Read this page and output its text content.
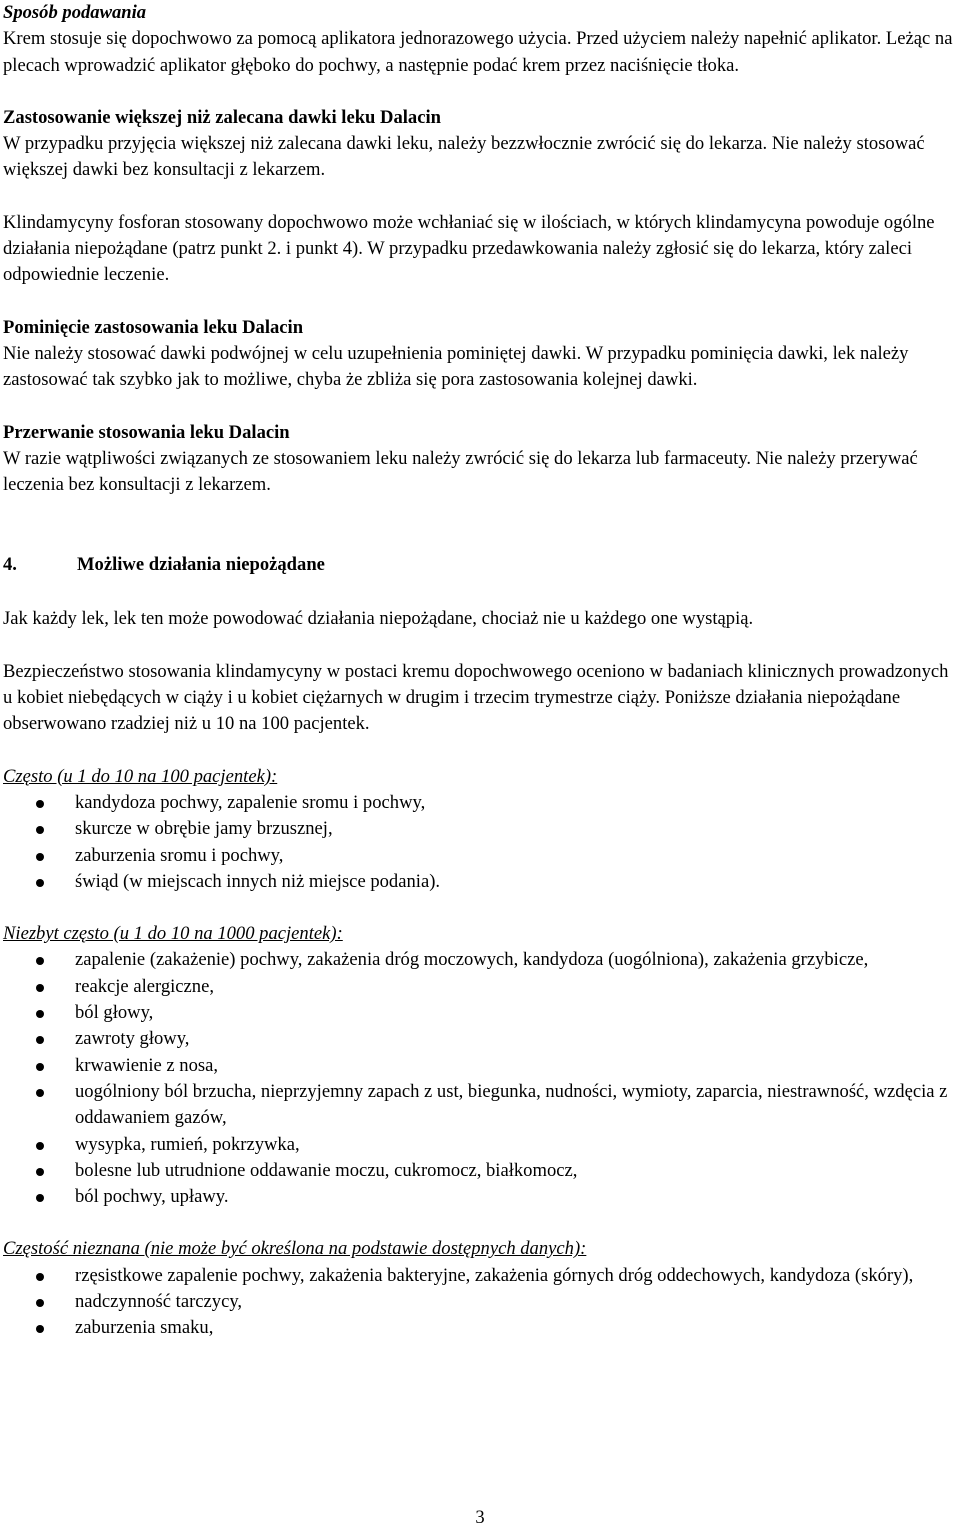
Sposób podawania

Krem stosuje się dopochwowo za pomocą aplikatora jednorazowego użycia. Przed użyciem należy napełnić aplikator. Leżąc na plecach wprowadzić aplikator głęboko do pochwy, a następnie podać krem przez naciśnięcie tłoka.

Zastosowanie większej niż zalecana dawki leku Dalacin

W przypadku przyjęcia większej niż zalecana dawki leku, należy bezzwłocznie zwrócić się do lekarza. Nie należy stosować większej dawki bez konsultacji z lekarzem.

Klindamycyny fosforan stosowany dopochwowo może wchłaniać się w ilościach, w których klindamycyna powoduje ogólne działania niepożądane (patrz punkt 2. i punkt 4). W przypadku przedawkowania należy zgłosić się do lekarza, który zaleci odpowiednie leczenie.

Pominięcie zastosowania leku Dalacin

Nie należy stosować dawki podwójnej w celu uzupełnienia pominiętej dawki. W przypadku pominięcia dawki, lek należy zastosować tak szybko jak to możliwe, chyba że zbliża się pora zastosowania kolejnej dawki.

Przerwanie stosowania leku Dalacin

W razie wątpliwości związanych ze stosowaniem leku należy zwrócić się do lekarza lub farmaceuty. Nie należy przerywać leczenia bez konsultacji z lekarzem.

4.	Możliwe działania niepożądane

Jak każdy lek, lek ten może powodować działania niepożądane, chociaż nie u każdego one wystąpią.

Bezpieczeństwo stosowania klindamycyny w postaci kremu dopochwowego oceniono w badaniach klinicznych prowadzonych u kobiet niebędących w ciąży i u kobiet ciężarnych w drugim i trzecim trymestrze ciąży. Poniższe działania niepożądane obserwowano rzadziej niż u 10 na 100 pacjentek.

Często (u 1 do 10 na 100 pacjentek):
kandydoza pochwy, zapalenie sromu i pochwy,
skurcze w obrębie jamy brzusznej,
zaburzenia sromu i pochwy,
świąd (w miejscach innych niż miejsce podania).
Niezbyt często (u 1 do 10 na 1000 pacjentek):
zapalenie (zakażenie) pochwy, zakażenia dróg moczowych, kandydoza (uogólniona), zakażenia grzybicze,
reakcje alergiczne,
ból głowy,
zawroty głowy,
krwawienie z nosa,
uogólniony ból brzucha, nieprzyjemny zapach z ust, biegunka, nudności, wymioty, zaparcia, niestrawność, wzdęcia z oddawaniem gazów,
wysypka, rumień, pokrzywka,
bolesne lub utrudnione oddawanie moczu, cukromocz, białkomocz,
ból pochwy, upławy.
Częstość nieznana (nie może być określona na podstawie dostępnych danych):
rzęsistkowe zapalenie pochwy, zakażenia bakteryjne, zakażenia górnych dróg oddechowych, kandydoza (skóry),
nadczynność tarczycy,
zaburzenia smaku,
3
